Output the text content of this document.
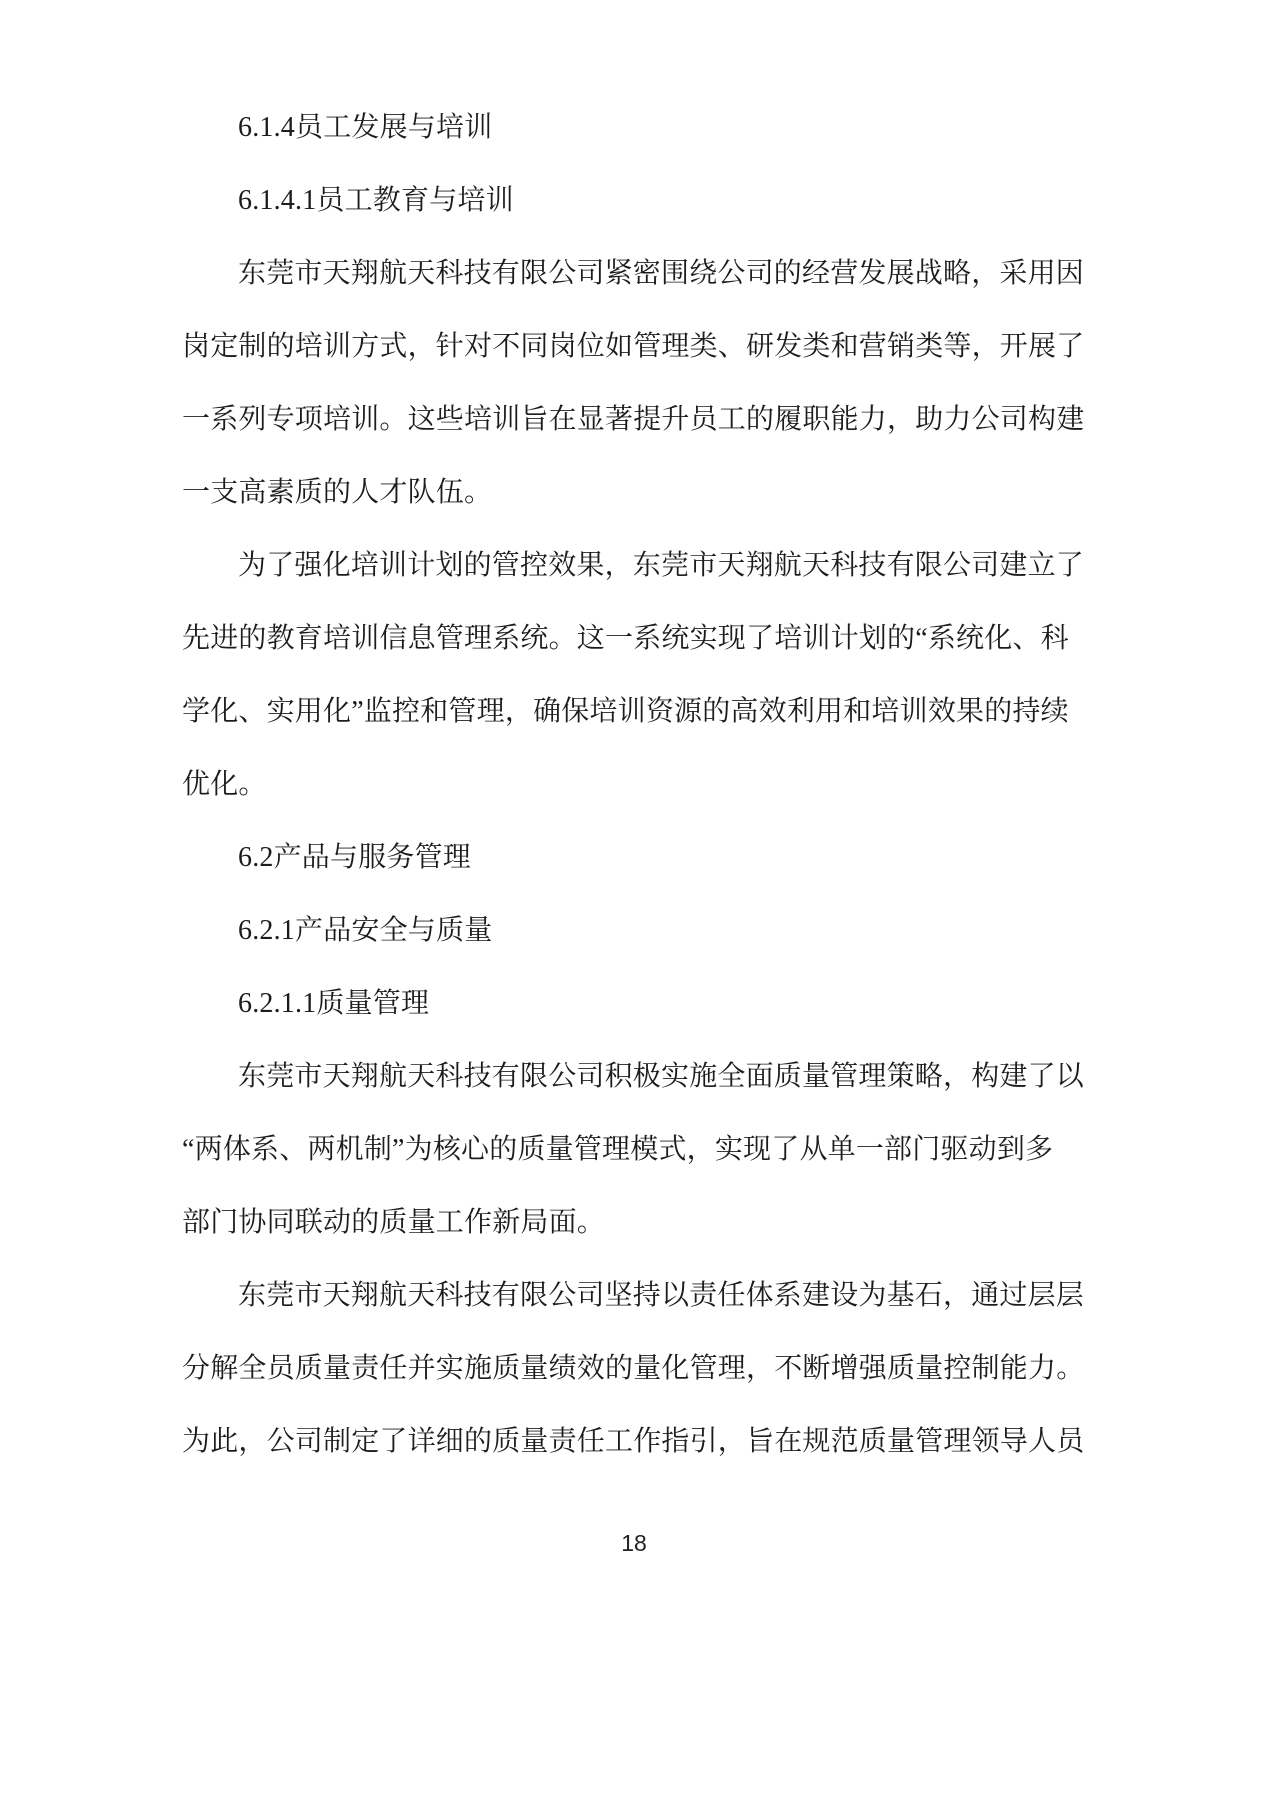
6.1.4员工发展与培训
6.1.4.1员工教育与培训
东莞市天翔航天科技有限公司紧密围绕公司的经营发展战略，采用因
岗定制的培训方式，针对不同岗位如管理类、研发类和营销类等，开展了
一系列专项培训。这些培训旨在显著提升员工的履职能力，助力公司构建
一支高素质的人才队伍。
为了强化培训计划的管控效果，东莞市天翔航天科技有限公司建立了
先进的教育培训信息管理系统。这一系统实现了培训计划的“系统化、科
学化、实用化”监控和管理，确保培训资源的高效利用和培训效果的持续
优化。
6.2产品与服务管理
6.2.1产品安全与质量
6.2.1.1质量管理
东莞市天翔航天科技有限公司积极实施全面质量管理策略，构建了以
“两体系、两机制”为核心的质量管理模式，实现了从单一部门驱动到多
部门协同联动的质量工作新局面。
东莞市天翔航天科技有限公司坚持以责任体系建设为基石，通过层层
分解全员质量责任并实施质量绩效的量化管理，不断增强质量控制能力。
为此，公司制定了详细的质量责任工作指引，旨在规范质量管理领导人员
18
